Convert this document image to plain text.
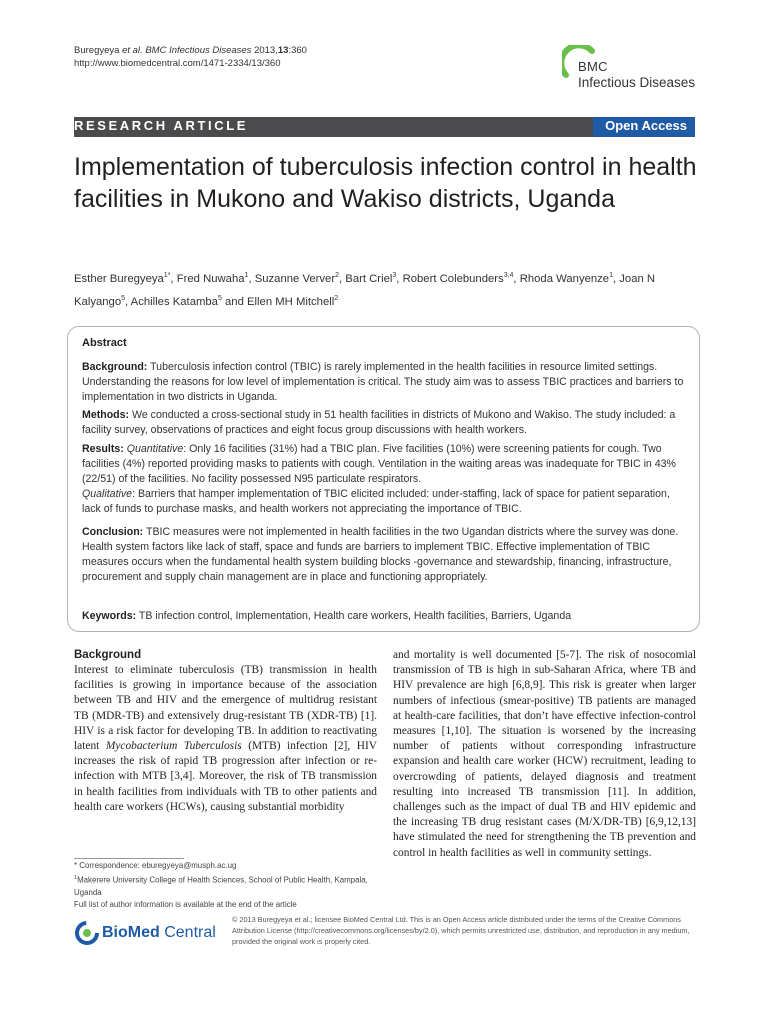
Buregyeya et al. BMC Infectious Diseases 2013,13:360
http://www.biomedcentral.com/1471-2334/13/360	BMC
Infectious Diseases
RESEARCH ARTICLE	Open Access
Implementation of tuberculosis infection control in health facilities in Mukono and Wakiso districts, Uganda
Esther Buregyeya$^{1*}$, Fred Nuwaha$^1$, Suzanne Verver$^2$, Bart Criel$^3$, Robert Colebunders$^{3,4}$, Rhoda Wanyenze$^1$, Joan N Kalyango$^5$, Achilles Katamba$^5$ and Ellen MH Mitchell$^2$
Abstract

Background: Tuberculosis infection control (TBIC) is rarely implemented in the health facilities in resource limited settings. Understanding the reasons for low level of implementation is critical. The study aim was to assess TBIC practices and barriers to implementation in two districts in Uganda.

Methods: We conducted a cross-sectional study in 51 health facilities in districts of Mukono and Wakiso. The study included: a facility survey, observations of practices and eight focus group discussions with health workers.

Results: Quantitative: Only 16 facilities (31%) had a TBIC plan. Five facilities (10%) were screening patients for cough. Two facilities (4%) reported providing masks to patients with cough. Ventilation in the waiting areas was inadequate for TBIC in 43% (22/51) of the facilities. No facility possessed N95 particulate respirators.
Qualitative: Barriers that hamper implementation of TBIC elicited included: under-staffing, lack of space for patient separation, lack of funds to purchase masks, and health workers not appreciating the importance of TBIC.

Conclusion: TBIC measures were not implemented in health facilities in the two Ugandan districts where the survey was done. Health system factors like lack of staff, space and funds are barriers to implement TBIC. Effective implementation of TBIC measures occurs when the fundamental health system building blocks -governance and stewardship, financing, infrastructure, procurement and supply chain management are in place and functioning appropriately.

Keywords: TB infection control, Implementation, Health care workers, Health facilities, Barriers, Uganda

Background

Interest to eliminate tuberculosis (TB) transmission in health facilities is growing in importance because of the association between TB and HIV and the emergence of multidrug resistant TB (MDR-TB) and extensively drug-resistant TB (XDR-TB) [1]. HIV is a risk factor for developing TB. In addition to reactivating latent Mycobacterium Tuberculosis (MTB) infection [2], HIV increases the risk of rapid TB progression after infection or re-infection with MTB [3,4]. Moreover, the risk of TB transmission in health facilities from individuals with TB to other patients and health care workers (HCWs), causing substantial morbidity

and mortality is well documented [5-7]. The risk of nosocomial transmission of TB is high in sub-Saharan Africa, where TB and HIV prevalence are high [6,8,9]. This risk is greater when larger numbers of infectious (smear-positive) TB patients are managed at health-care facilities, that don’t have effective infection-control measures [1,10]. The situation is worsened by the increasing number of patients without corresponding infrastructure expansion and health care worker (HCW) recruitment, leading to overcrowding of patients, delayed diagnosis and treatment resulting into increased TB transmission [11]. In addition, challenges such as the impact of dual TB and HIV epidemic and the increasing TB drug resistant cases (M/X/DR-TB) [6,9,12,13] have stimulated the need for strengthening the TB prevention and control in health facilities as well in community settings.

* Correspondence: eburegyeya@musph.ac.ug
$^1$Makerere University College of Health Sciences, School of Public Health, Kampala, Uganda
Full list of author information is available at the end of the article
BioMed Central
© 2013 Buregyeya et al.; licensee BioMed Central Ltd. This is an Open Access article distributed under the terms of the Creative Commons Attribution License (http://creativecommons.org/licenses/by/2.0), which permits unrestricted use, distribution, and reproduction in any medium, provided the original work is properly cited.
